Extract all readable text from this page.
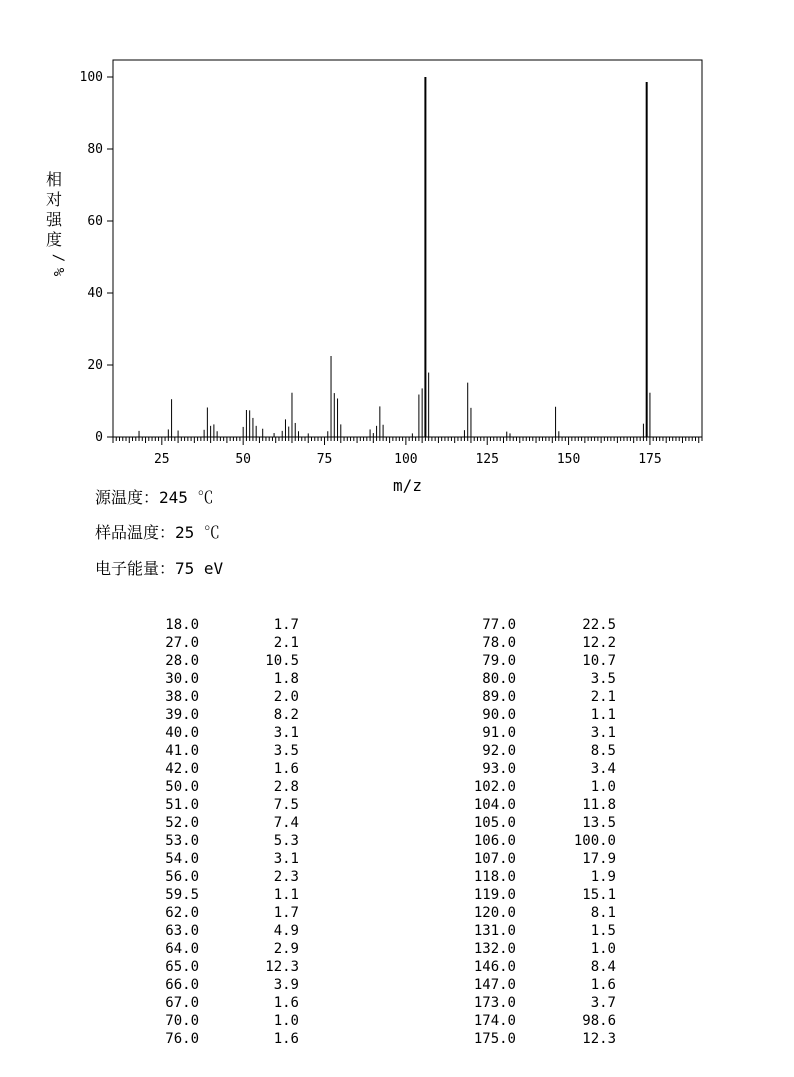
0
20
40
60
80
100
25	50	75	100	125	150	175
m/z
相
对
强
度
/
%
源温度：245 ℃
样品温度：25 ℃
电子能量：75 eV
18.0	1.7
27.0	2.1
28.0	10.5
30.0	1.8
38.0	2.0
39.0	8.2
40.0	3.1
41.0	3.5
42.0	1.6
50.0	2.8
51.0	7.5
52.0	7.4
53.0	5.3
54.0	3.1
56.0	2.3
59.5	1.1
62.0	1.7
63.0	4.9
64.0	2.9
65.0	12.3
66.0	3.9
67.0	1.6
70.0	1.0
76.0	1.6
77.0	22.5
78.0	12.2
79.0	10.7
80.0	3.5
89.0	2.1
90.0	1.1
91.0	3.1
92.0	8.5
93.0	3.4
102.0	1.0
104.0	11.8
105.0	13.5
106.0	100.0
107.0	17.9
118.0	1.9
119.0	15.1
120.0	8.1
131.0	1.5
132.0	1.0
146.0	8.4
147.0	1.6
173.0	3.7
174.0	98.6
175.0	12.3
